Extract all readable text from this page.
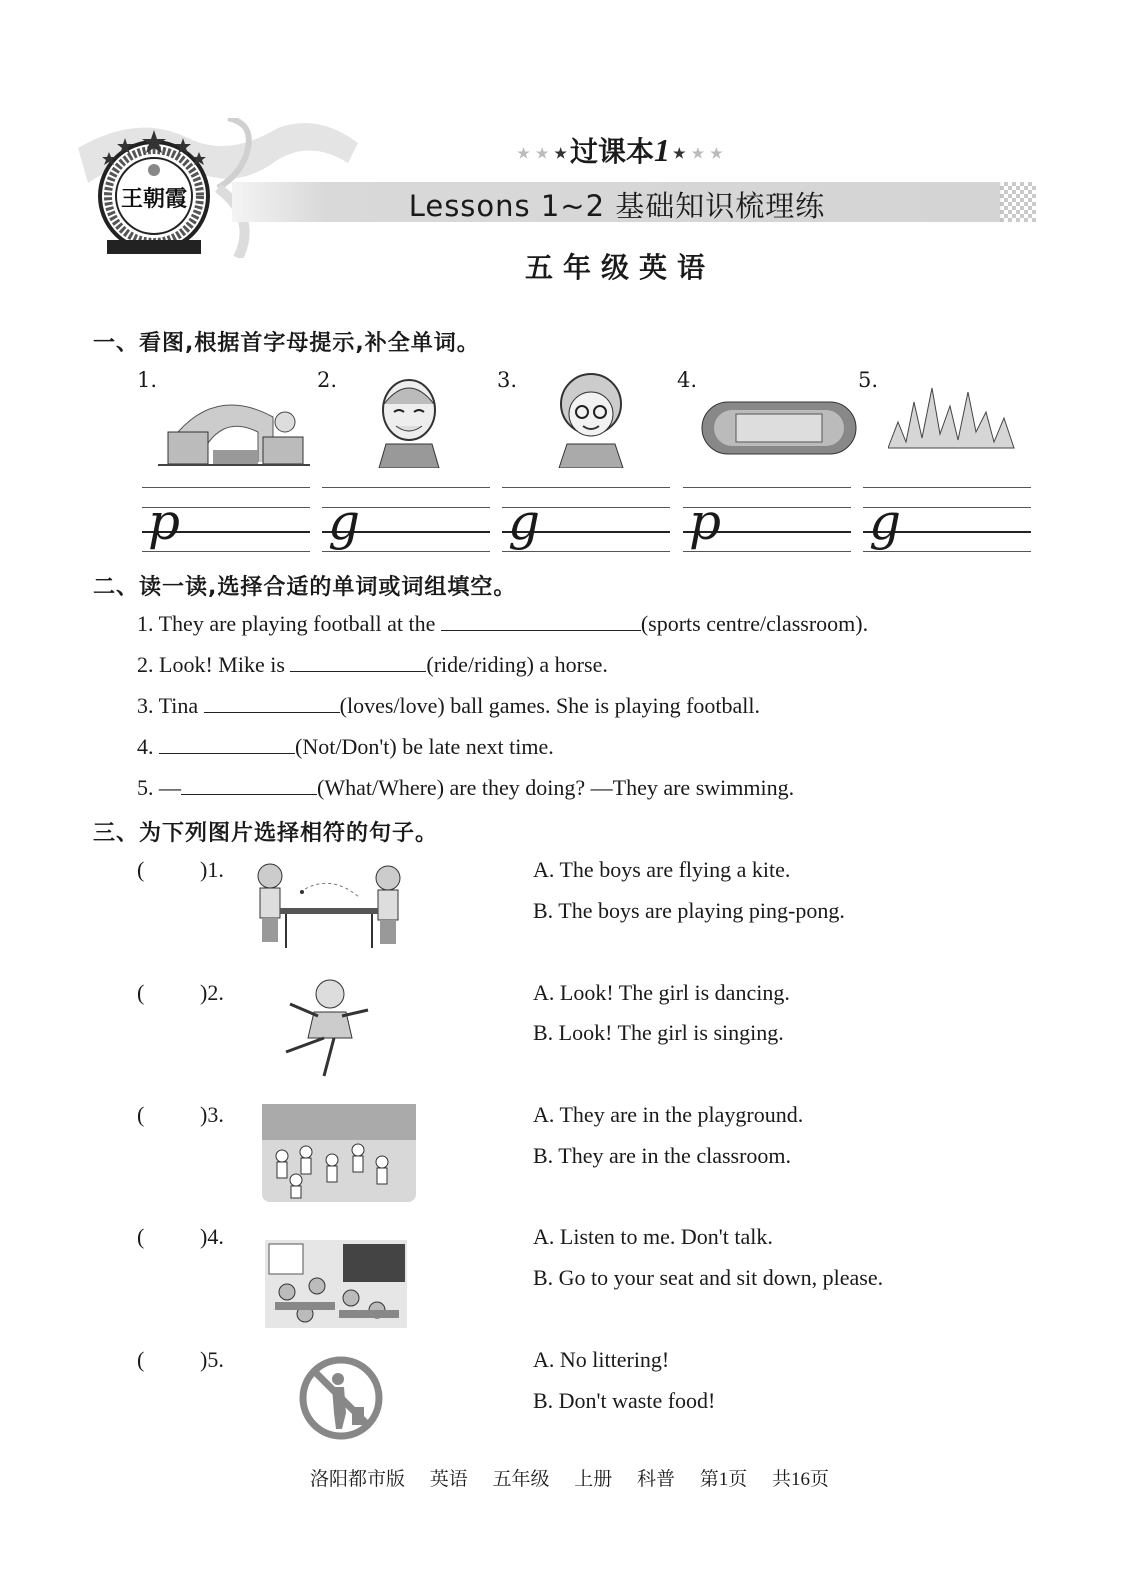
王朝霞
★ ★ ★ 过课本1 ★ ★ ★
Lessons 1~2 基础知识梳理练
五年级英语
一、看图,根据首字母提示,补全单词。
1.	2.	3.	4.	5.
p	g	g	p	g
二、读一读,选择合适的单词或词组填空。
1. They are playing football at the	(sports centre/classroom).
2. Look! Mike is	(ride/riding) a horse.
3. Tina	(loves/love) ball games. She is playing football.
4.	(Not/Don't) be late next time.
5. —	(What/Where) are they doing? —They are swimming.
三、为下列图片选择相符的句子。
(	)1.	A. The boys are flying a kite.
B. The boys are playing ping-pong.
(	)2.	A. Look! The girl is dancing.
B. Look! The girl is singing.
(	)3.	A. They are in the playground.
B. They are in the classroom.
(	)4.	A. Listen to me. Don't talk.
B. Go to your seat and sit down, please.
(	)5.	A. No littering!
B. Don't waste food!
洛阳都市版 英语 五年级 上册 科普 第1页 共16页
